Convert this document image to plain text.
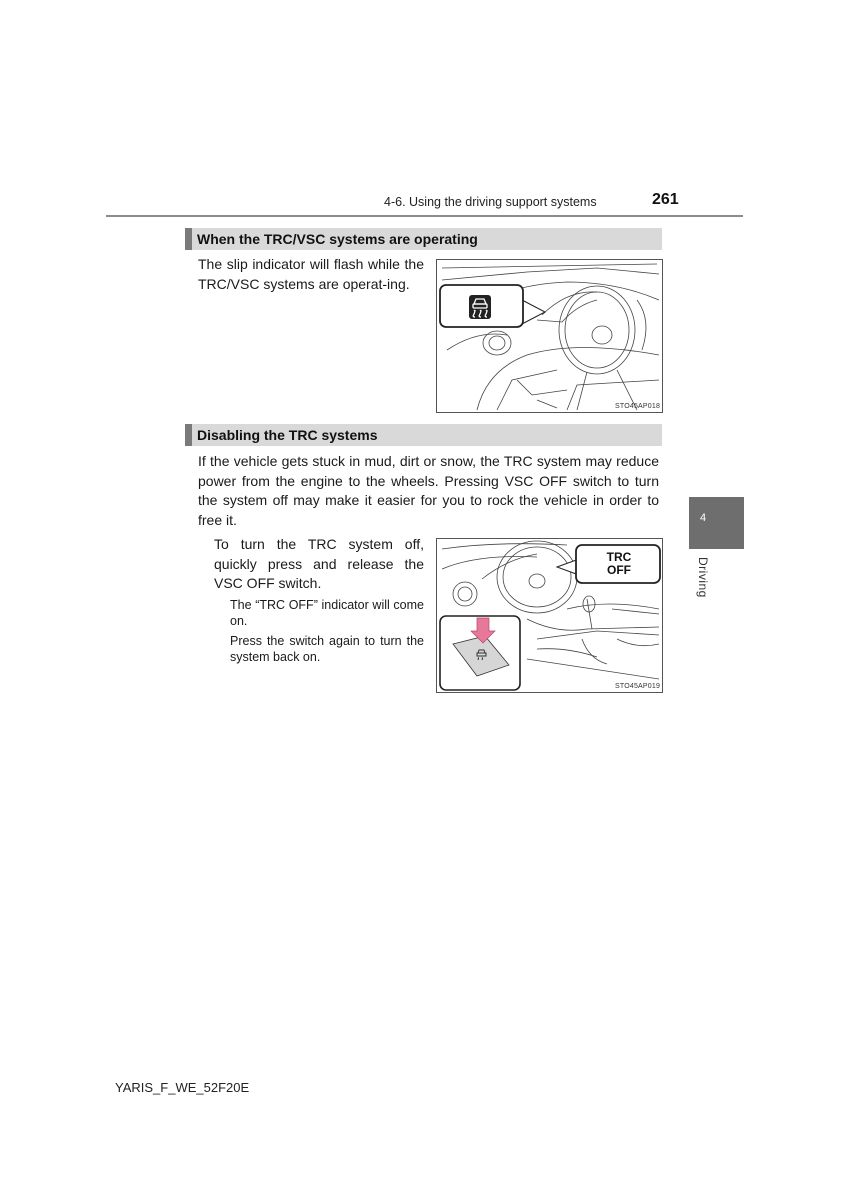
4-6. Using the driving support systems	261
When the TRC/VSC systems are operating

The slip indicator will flash while the TRC/VSC systems are operat-ing.

STO45AP018
Disabling the TRC systems

If the vehicle gets stuck in mud, dirt or snow, the TRC system may reduce power from the engine to the wheels. Pressing VSC OFF switch to turn the system off may make it easier for you to rock the vehicle in order to free it.

To turn the TRC system off, quickly press and release the VSC OFF switch.

The “TRC OFF” indicator will come on.

Press the switch again to turn the system back on.

TRC
OFF
STO45AP019
4
Driving
YARIS_F_WE_52F20E
